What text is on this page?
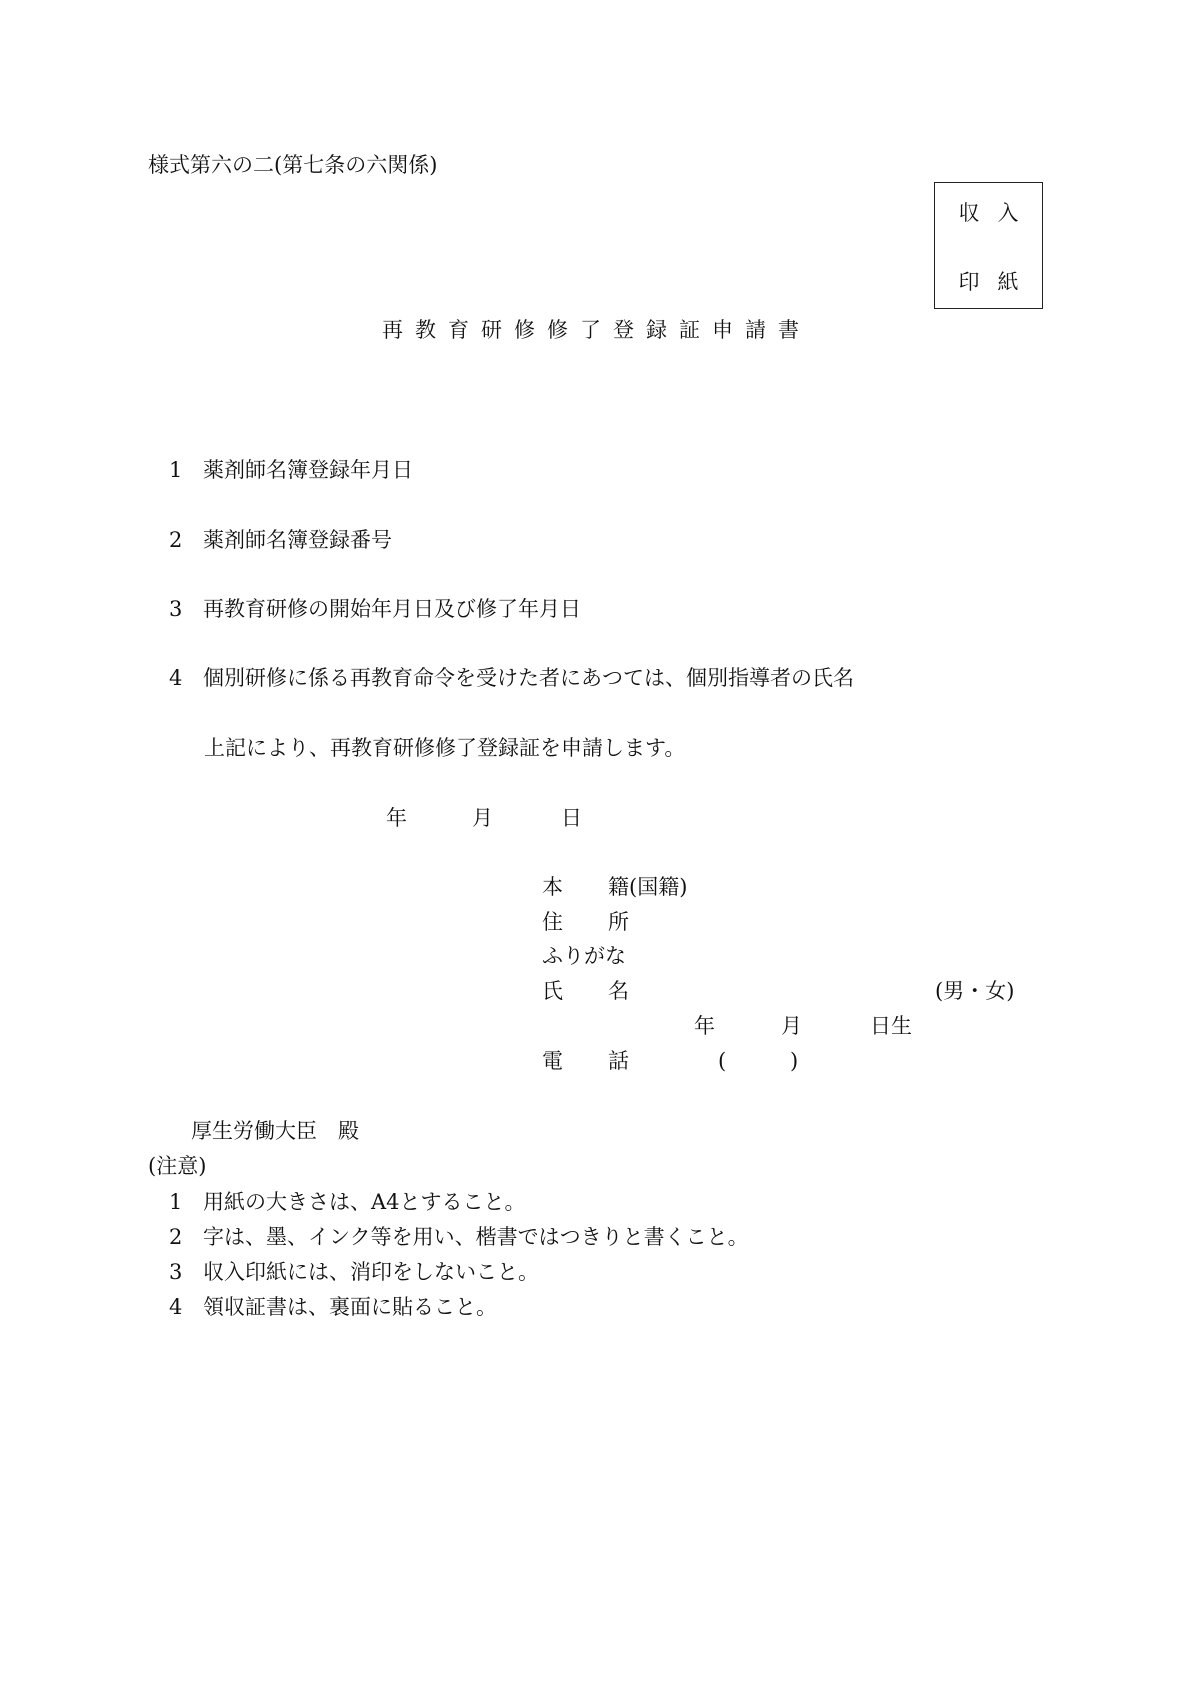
様式第六の二(第七条の六関係)
収入
印紙
再教育研修修了登録証申請書
1 薬剤師名簿登録年月日
2 薬剤師名簿登録番号
3 再教育研修の開始年月日及び修了年月日
4 個別研修に係る再教育命令を受けた者にあつては、個別指導者の氏名
上記により、再教育研修修了登録証を申請します。
年	月	日
本 籍(国籍)
住 所
ふりがな
氏 名	(男・女)
年	月	日生
電 話	(	)
厚生労働大臣　殿
(注意)
1 用紙の大きさは、A4とすること。
2 字は、墨、インク等を用い、楷書ではつきりと書くこと。
3 収入印紙には、消印をしないこと。
4 領収証書は、裏面に貼ること。
